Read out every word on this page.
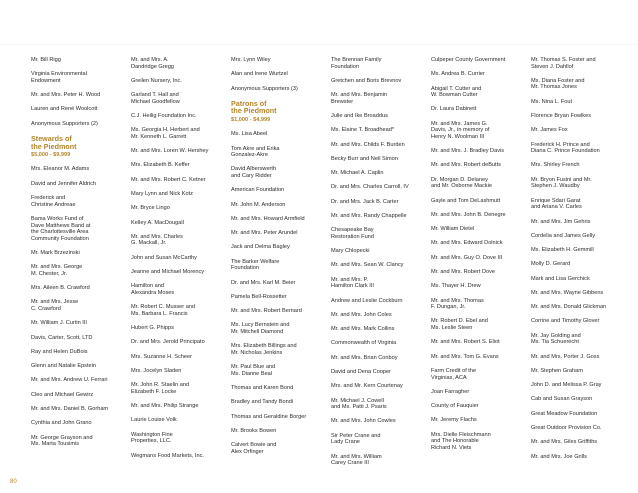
Mr. Bill Rigg
Virginia Environmental
Endowment
Mr. and Mrs. Peter H. Wood
Lauren and René Woolcott
Anonymous Supporters (2)
Stewards of
the Piedmont
$5,000 - $9,999
Mrs. Eleanor M. Adams
David and Jennifer Aldrich
Frederick and
Christine Andreae
Bama Works Fund of
Dave Matthews Band at
the Charlottesville Area
Community Foundation
Mr. Mark Brzezinski
Mr. and Mrs. George
M. Chester, Jr.
Mrs. Aileen B. Crawford
Mr. and Mrs. Jesse
C. Crawford
Mr. William J. Curtin III
Davis, Carter, Scott, LTD
Ray and Helen DuBois
Glenn and Natalie Epstein
Mr. and Mrs. Andrew U. Ferrari
Cleo and Michael Gewirz
Mr. and Mrs. Daniel B. Gorham
Cynthia and John Grano
Mr. George Grayson and
Ms. Marta Tousimis
Mr. and Mrs. A.
Dandridge Gregg
Greilen Nursery, Inc.
Garland T. Hall and
Michael Goodfellow
C.J. Heilig Foundation Inc.
Ms. Georgia H. Herbert and
Mr. Kenneth L. Garrett
Mr. and Mrs. Loren W. Hershey
Mrs. Elizabeth B. Keffer
Mr. and Mrs. Robert C. Ketner
Mary Lynn and Nick Kotz
Mr. Bryce Lingo
Kelley A. MacDougall
Mr. and Mrs. Charles
G. Mackall, Jr.
John and Susan McCarthy
Jeanne and Michael Morency
Hamilton and
Alexandra Moses
Mr. Robert C. Musser and
Ms. Barbara L. Francis
Hubert G. Phipps
Dr. and Mrs. Jerold Principato
Mrs. Suzanne H. Scheer
Mrs. Jocelyn Sladen
Mr. John R. Staelin and
Elizabeth F. Locke
Mr. and Mrs. Philip Strange
Laurie Louise Volk
Washington Fine
Properties, LLC.
Wegmans Food Markets, Inc.
Mrs. Lynn Wiley
Alan and Irene Wurtzel
Anonymous Supporters (3)
Patrons of
the Piedmont
$1,000 - $4,999
Ms. Lisa Abeel
Tom Akre and Erika
Gonzalez-Akre
David Alberswerth
and Cary Ridder
American Foundation
Mr. John M. Anderson
Mr. and Mrs. Howard Armfield
Mr. and Mrs. Peter Arundel
Jack and Delma Bagley
The Barker Welfare
Foundation
Dr. and Mrs. Karl M. Beier
Pamela Bell-Rossetter
Mr. and Mrs. Robert Bernard
Ms. Lucy Bernstein and
Mr. Mitchell Diamond
Mrs. Elizabeth Billings and
Mr. Nicholas Jenkins
Mr. Paul Blue and
Ms. Dianne Beal
Thomas and Karen Bond
Bradley and Tandy Bondi
Thomas and Geraldine Borger
Mr. Brooks Bowen
Calvert Bowie and
Alex Orfinger
The Brennan Family
Foundation
Gretchen and Boris Brevnov
Mr. and Mrs. Benjamin
Brewster
Julie and Ike Broaddus
Ms. Elaine T. Broadhead*
Mr. and Mrs. Childs F. Burden
Becky Burr and Neil Simon
Mr. Michael A. Caplin
Dr. and Mrs. Charles Carroll, IV
Dr. and Mrs. Jack B. Carter
Mr. and Mrs. Randy Chappelle
Chesapeake Bay
Restoration Fund
Mary Chlopecki
Mr. and Mrs. Sean W. Clancy
Mr. and Mrs. P.
Hamilton Clark III
Andrew and Leslie Cockburn
Mr. and Mrs. John Coles
Mr. and Mrs. Mark Collins
Commonwealth of Virginia
Mr. and Mrs. Brian Conboy
David and Dena Cooper
Mrs. and Mr. Kern Courtenay
Mr. Michael J. Cowell
and Ms. Patti J. Psaris
Mr. and Mrs. John Cowles
Sir Peter Crane and
Lady Crane
Mr. and Mrs. William
Carey Crane III
Culpeper County Government
Ms. Andrea B. Currier
Abigail T. Cutter and
W. Bowman Cutter
Dr. Laura Dabinett
Mr. and Mrs. James G.
Davis, Jr., in memory of
Henry N. Woolman III
Mr. and Mrs. J. Bradley Davis
Mr. and Mrs. Robert deButts
Dr. Morgan D. Delaney
and Mr. Osborne Mackie
Gayle and Tom DeLashmutt
Mr. and Mrs. John B. Denegre
Mr. William Dietel
Mr. and Mrs. Edward Dolnick
Mr. and Mrs. Guy O. Dove III
Mr. and Mrs. Robert Dove
Ms. Thayer H. Drew
Mr. and Mrs. Thomas
F. Dungan, Jr.
Mr. Robert D. Ebel and
Ms. Leslie Steen
Mr. and Mrs. Robert S. Eliot
Mr. and Mrs. Tom G. Evans
Farm Credit of the
Virginias, ACA
Joan Farragher
County of Fauquier
Mr. Jeremy Flachs
Mrs. Dielle Fleischmann
and The Honorable
Richard N. Viets
Mr. Thomas S. Foster and
Steven J. Dahllof
Ms. Diana Foster and
Mr. Thomas Jones
Ms. Nina L. Fout
Florence Bryan Fowlkes
Mr. James Fox
Frederick H. Prince and
Diana C. Prince Foundation
Mrs. Shirley French
Mr. Bryon Fusini and Mr.
Stephen J. Waudby
Enrique Sdari Garat
and Ariana V. Carles
Mr. and Mrs. Jim Gehris
Cordelia and James Gelly
Ms. Elizabeth H. Gemmill
Molly D. Gerard
Mark and Lisa Gerchick
Mr. and Mrs. Wayne Gibbens
Mr. and Mrs. Donald Glickman
Corrine and Timothy Glover
Mr. Jay Golding and
Ms. Tia Schuerecht
Mr. and Mrs. Porter J. Goss
Mr. Stephen Graham
John D. and Melissa P. Gray
Cab and Susan Grayson
Great Meadow Foundation
Great Outdoor Provision Co.
Mr. and Mrs. Giles Griffiths
Mr. and Mrs. Joe Grills
80
